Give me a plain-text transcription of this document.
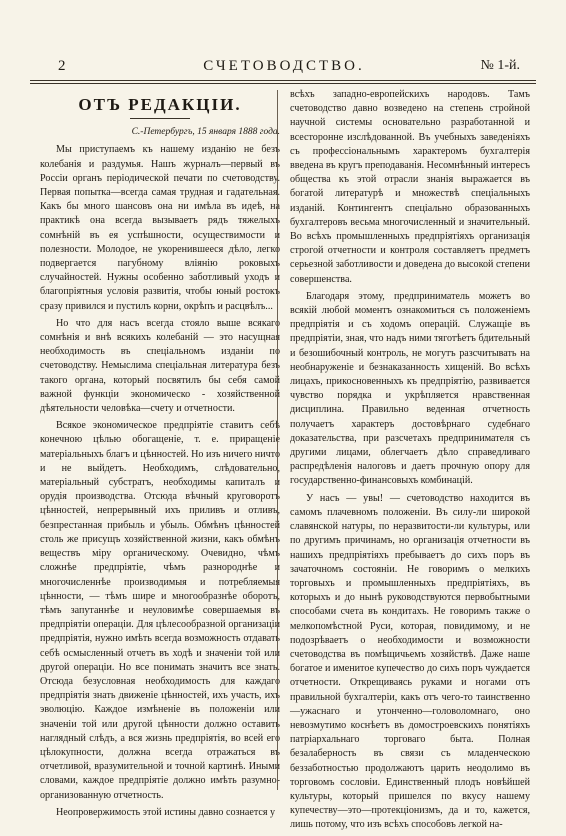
2	СЧЕТОВОДСТВО.	№ 1-й.
ОТЪ РЕДАКЦIИ.
С.-Петербургъ, 15 января 1888 года.

Мы приступаемъ къ нашему изданiю не безъ колебанiя и раздумья. Нашъ журналъ—первый въ Россiи органъ перiодической печати по счетоводству. Первая попытка—всегда самая трудная и гадательная. Какъ бы много шансовъ она ни имѣла въ идеѣ, на практикѣ она всегда вызываетъ рядъ тяжелыхъ сомнѣнiй въ ея успѣшности, осуществимости и полезности. Молодое, не укоренившееся дѣло, легко подвергается пагубному влiянiю роковыхъ случайностей. Нужны особенно заботливый уходъ и благопрiятныя условiя развитiя, чтобы юный ростокъ сразу привился и пустилъ корни, окрѣпъ и расцвѣлъ...

Но что для насъ всегда стояло выше всякаго сомнѣнiя и внѣ всякихъ колебанiй — это насущная необходимость въ спецiальномъ изданiи по счетоводству. Немыслима спецiальная литература безъ такого органа, который посвятилъ бы себя самой важной функцiи экономическо - хозяйственной дѣятельности человѣка—счету и отчетности.

Всякое экономическое предпрiятiе ставитъ себѣ конечною цѣлью обогащенiе, т. е. приращенiе матерiальныхъ благъ и цѣнностей. Но изъ ничего ничто и не выйдетъ. Необходимъ, слѣдовательно, матерiальный субстратъ, необходимы капиталъ и орудiя производства. Отсюда вѣчный круговоротъ цѣнностей, непрерывный ихъ приливъ и отливъ, безпрестанная прибыль и убыль. Обмѣнъ цѣнностей столь же присущъ хозяйственной жизни, какъ обмѣнъ веществъ мiру органическому. Очевидно, чѣмъ сложнѣе предпрiятiе, чѣмъ разнороднѣе и многочисленнѣе производимыя и потребляемыя цѣнности, — тѣмъ шире и многообразнѣе оборотъ, тѣмъ запутаннѣе и неуловимѣе совершаемыя въ предпрiятiи операцiи. Для цѣлесообразной организацiи предпрiятiя, нужно имѣть всегда возможность отдавать себѣ осмысленный отчетъ въ ходѣ и значенiи той или другой операцiи. Но все понимать значитъ все знать. Отсюда безусловная необходимость для каждаго предпрiятiя знать движенiе цѣнностей, ихъ участь, ихъ эволюцiю. Каждое измѣненiе въ положенiи или значенiи той или другой цѣнности должно оставить наглядный слѣдъ, а вся жизнь предпрiятiя, во всей его цѣлокупности, должна всегда отражаться въ отчетливой, вразумительной и точной картинѣ. Иными словами, каждое предпрiятiе должно имѣть разумно-организованную отчетность.

Неопровержимость этой истины давно сознается у

всѣхъ западно-европейскихъ народовъ. Тамъ счетоводство давно возведено на степень стройной научной системы основательно разработанной и всесторонне изслѣдованной. Въ учебныхъ заведенiяхъ съ профессiональнымъ характеромъ бухгалтерiя введена въ кругъ преподаванiя. Несомнѣнный интересъ общества къ этой отрасли знанiя выражается въ богатой литературѣ и множествѣ спецiальныхъ изданiй. Контингентъ спецiально образованныхъ бухгалтеровъ весьма многочисленный и значительный. Во всѣхъ промышленныхъ предпрiятiяхъ организацiя строгой отчетности и контроля составляетъ предметъ серьезной заботливости и доведена до высокой степени совершенства.

Благодаря этому, предприниматель можетъ во всякiй любой моментъ ознакомиться съ положенiемъ предпрiятiя и съ ходомъ операцiй. Служащiе въ предпрiятiи, зная, что надъ ними тяготѣетъ бдительный и безошибочный контроль, не могутъ разсчитывать на необнаруженiе и безнаказанность хищенiй. Во всѣхъ лицахъ, прикосновенныхъ къ предпрiятiю, развивается чувство порядка и укрѣпляется нравственная дисциплина. Правильно веденная отчетность получаетъ характеръ достовѣрнаго судебнаго доказательства, при разсчетахъ предпринимателя съ другими лицами, облегчаетъ дѣло справедливаго распредѣленiя налоговъ и даетъ прочную опору для государственно-финансовыхъ комбинацiй.

У насъ — увы! — счетоводство находится въ самомъ плачевномъ положенiи. Въ силу-ли широкой славянской натуры, по неразвитости-ли культуры, или по другимъ причинамъ, но организацiя отчетности въ нашихъ предпрiятiяхъ пребываетъ до сихъ поръ въ зачаточномъ состоянiи. Не говоримъ о мелкихъ торговыхъ и промышленныхъ предпрiятiяхъ, въ которыхъ и до нынѣ руководствуются первобытными способами счета въ кондитахъ. Не говоримъ также о мелкопомѣстной Руси, которая, повидимому, и не подозрѣваетъ о необходимости и возможности счетоводства въ помѣщичьемъ хозяйствѣ. Даже наше богатое и именитое купечество до сихъ поръ чуждается отчетности. Открещиваясь руками и ногами отъ правильной бухгалтерiи, какъ отъ чего-то таинственно—ужаснаго и утонченно—головоломнаго, оно невозмутимо коснѣетъ въ домостроевскихъ понятiяхъ патрiархальнаго торговаго быта. Полная безалаберность въ связи съ младенческою беззаботностью продолжаютъ царить неодолимо въ торговомъ сословiи. Единственный плодъ новѣйшей культуры, который пришелся по вкусу нашему купечеству—это—протекцiонизмъ, да и то, кажется, лишь потому, что изъ всѣхъ способовъ легкой на-
